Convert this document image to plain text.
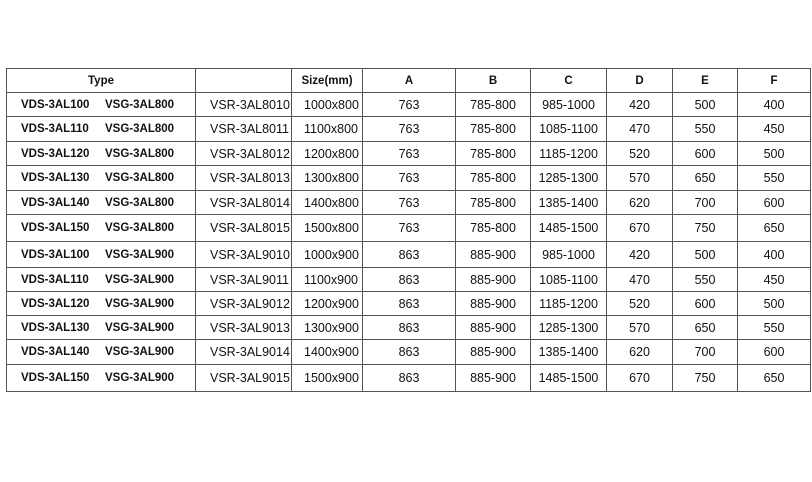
Type		Size(mm)	A	B	C	D	E	F
VDS-3AL100 VSG-3AL800	VSR-3AL8010	1000x800	763	785-800	985-1000	420	500	400
VDS-3AL110 VSG-3AL800	VSR-3AL8011	1100x800	763	785-800	1085-1100	470	550	450
VDS-3AL120 VSG-3AL800	VSR-3AL8012	1200x800	763	785-800	1185-1200	520	600	500
VDS-3AL130 VSG-3AL800	VSR-3AL8013	1300x800	763	785-800	1285-1300	570	650	550
VDS-3AL140 VSG-3AL800	VSR-3AL8014	1400x800	763	785-800	1385-1400	620	700	600
VDS-3AL150 VSG-3AL800	VSR-3AL8015	1500x800	763	785-800	1485-1500	670	750	650
VDS-3AL100 VSG-3AL900	VSR-3AL9010	1000x900	863	885-900	985-1000	420	500	400
VDS-3AL110 VSG-3AL900	VSR-3AL9011	1100x900	863	885-900	1085-1100	470	550	450
VDS-3AL120 VSG-3AL900	VSR-3AL9012	1200x900	863	885-900	1185-1200	520	600	500
VDS-3AL130 VSG-3AL900	VSR-3AL9013	1300x900	863	885-900	1285-1300	570	650	550
VDS-3AL140 VSG-3AL900	VSR-3AL9014	1400x900	863	885-900	1385-1400	620	700	600
VDS-3AL150 VSG-3AL900	VSR-3AL9015	1500x900	863	885-900	1485-1500	670	750	650
